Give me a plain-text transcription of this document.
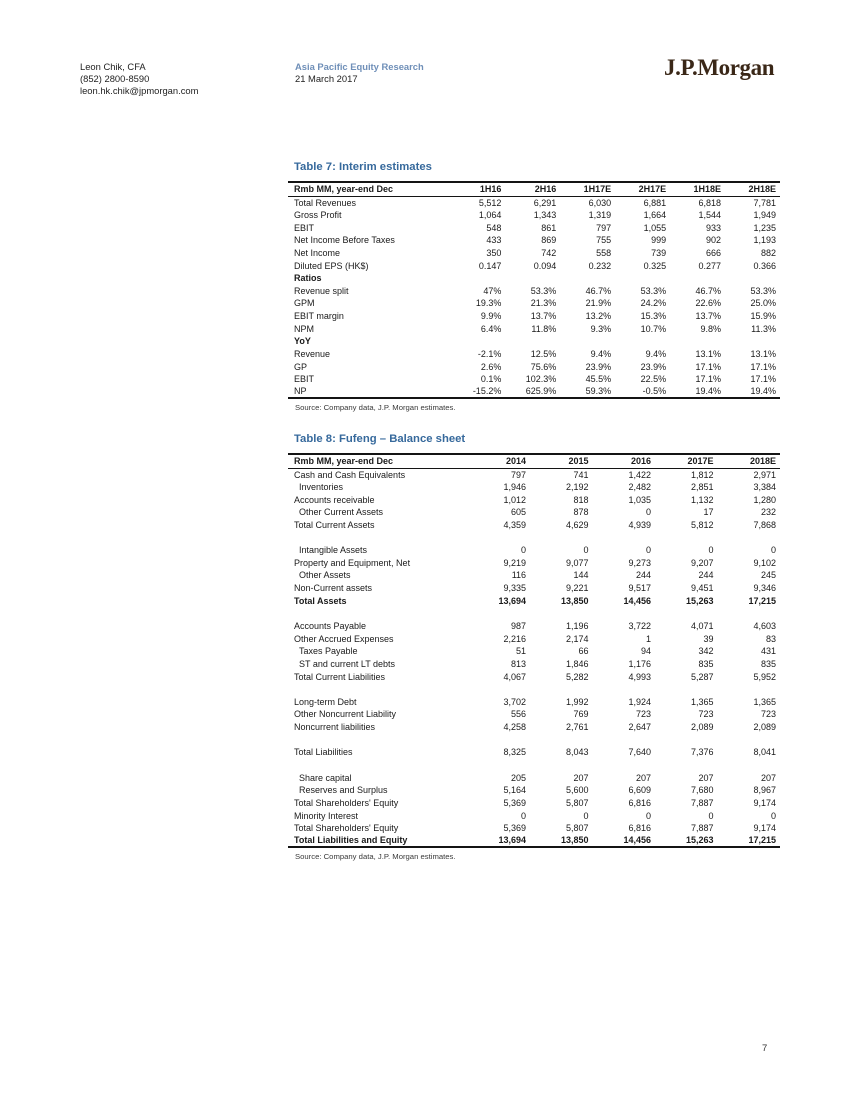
Leon Chik, CFA
(852) 2800-8590
leon.hk.chik@jpmorgan.com
Asia Pacific Equity Research
21 March 2017	J.P.Morgan
Table 7: Interim estimates
Rmb MM, year-end Dec	1H16	2H16	1H17E	2H17E	1H18E	2H18E
Total Revenues	5,512	6,291	6,030	6,881	6,818	7,781
Gross Profit	1,064	1,343	1,319	1,664	1,544	1,949
EBIT	548	861	797	1,055	933	1,235
Net Income Before Taxes	433	869	755	999	902	1,193
Net Income	350	742	558	739	666	882
Diluted EPS (HK$)	0.147	0.094	0.232	0.325	0.277	0.366
Ratios						
Revenue split	47%	53.3%	46.7%	53.3%	46.7%	53.3%
GPM	19.3%	21.3%	21.9%	24.2%	22.6%	25.0%
EBIT margin	9.9%	13.7%	13.2%	15.3%	13.7%	15.9%
NPM	6.4%	11.8%	9.3%	10.7%	9.8%	11.3%
YoY						
Revenue	-2.1%	12.5%	9.4%	9.4%	13.1%	13.1%
GP	2.6%	75.6%	23.9%	23.9%	17.1%	17.1%
EBIT	0.1%	102.3%	45.5%	22.5%	17.1%	17.1%
NP	-15.2%	625.9%	59.3%	-0.5%	19.4%	19.4%
Source: Company data, J.P. Morgan estimates.
Table 8: Fufeng – Balance sheet
Rmb MM, year-end Dec	2014	2015	2016	2017E	2018E
Cash and Cash Equivalents	797	741	1,422	1,812	2,971
Inventories	1,946	2,192	2,482	2,851	3,384
Accounts receivable	1,012	818	1,035	1,132	1,280
Other Current Assets	605	878	0	17	232
Total Current Assets	4,359	4,629	4,939	5,812	7,868

Intangible Assets	0	0	0	0	0
Property and Equipment, Net	9,219	9,077	9,273	9,207	9,102
Other Assets	116	144	244	244	245
Non-Current assets	9,335	9,221	9,517	9,451	9,346
Total Assets	13,694	13,850	14,456	15,263	17,215

Accounts Payable	987	1,196	3,722	4,071	4,603
Other Accrued Expenses	2,216	2,174	1	39	83
Taxes Payable	51	66	94	342	431
ST and current LT debts	813	1,846	1,176	835	835
Total Current Liabilities	4,067	5,282	4,993	5,287	5,952

Long-term Debt	3,702	1,992	1,924	1,365	1,365
Other Noncurrent Liability	556	769	723	723	723
Noncurrent liabilities	4,258	2,761	2,647	2,089	2,089

Total Liabilities	8,325	8,043	7,640	7,376	8,041

Share capital	205	207	207	207	207
Reserves and Surplus	5,164	5,600	6,609	7,680	8,967
Total Shareholders' Equity	5,369	5,807	6,816	7,887	9,174
Minority Interest	0	0	0	0	0
Total Shareholders' Equity	5,369	5,807	6,816	7,887	9,174
Total Liabilities and Equity	13,694	13,850	14,456	15,263	17,215
Source: Company data, J.P. Morgan estimates.
7
